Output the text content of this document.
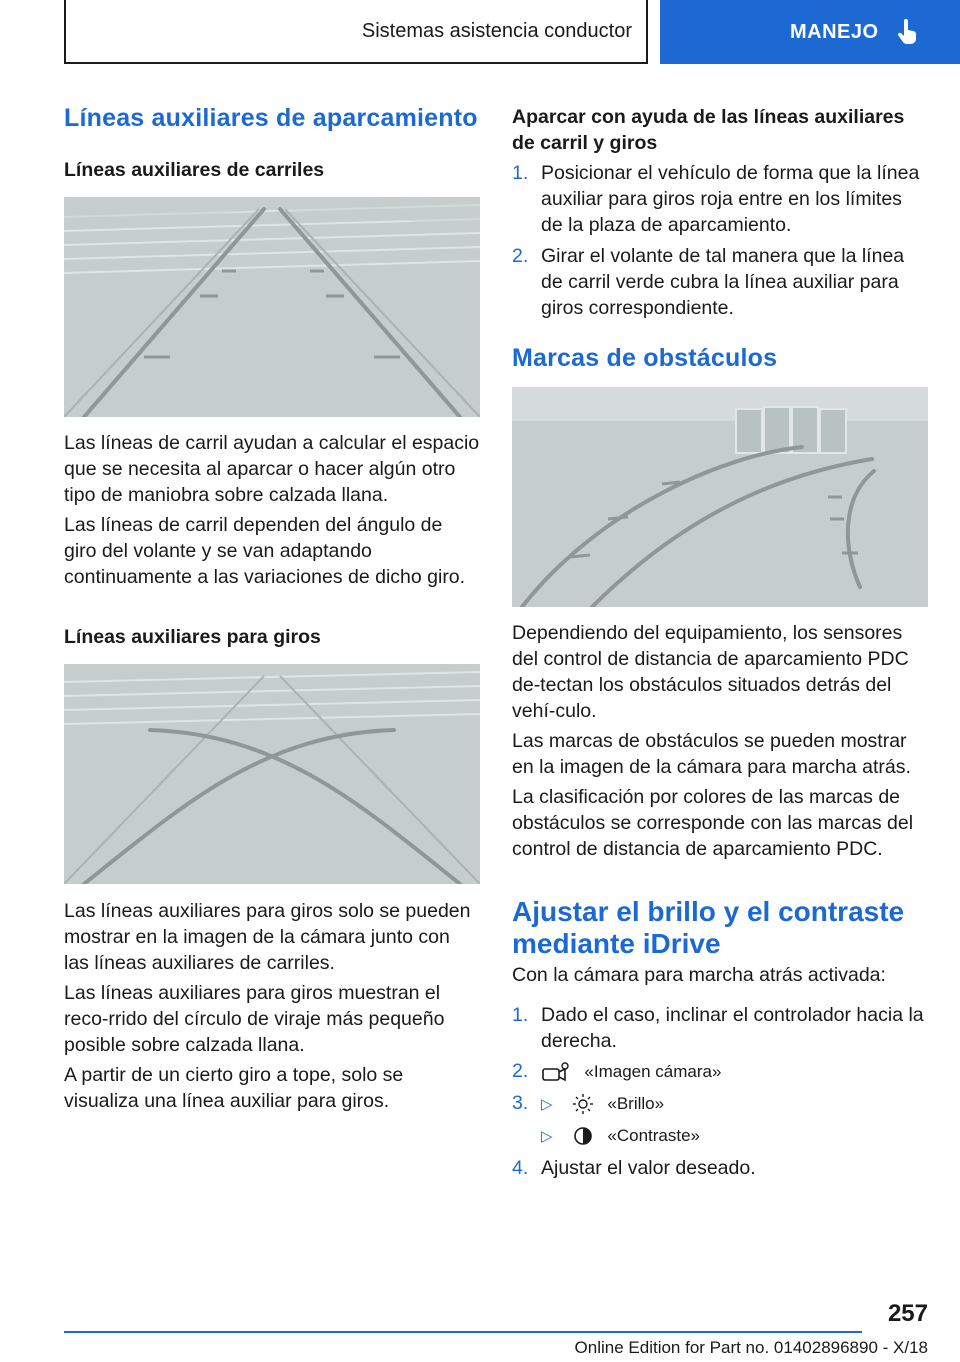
Sistemas asistencia conductor	MANEJO
Líneas auxiliares de aparcamiento
Líneas auxiliares de carriles

Las líneas de carril ayudan a calcular el espacio que se necesita al aparcar o hacer algún otro tipo de maniobra sobre calzada llana.

Las líneas de carril dependen del ángulo de giro del volante y se van adaptando continuamente a las variaciones de dicho giro.

Líneas auxiliares para giros

Las líneas auxiliares para giros solo se pueden mostrar en la imagen de la cámara junto con las líneas auxiliares de carriles.

Las líneas auxiliares para giros muestran el reco‐rrido del círculo de viraje más pequeño posible sobre calzada llana.

A partir de un cierto giro a tope, solo se visualiza una línea auxiliar para giros.

Aparcar con ayuda de las líneas auxiliares de carril y giros
1. Posicionar el vehículo de forma que la línea auxiliar para giros roja entre en los límites de la plaza de aparcamiento.
2. Girar el volante de tal manera que la línea de carril verde cubra la línea auxiliar para giros correspondiente.
Marcas de obstáculos

Dependiendo del equipamiento, los sensores del control de distancia de aparcamiento PDC de‐tectan los obstáculos situados detrás del vehí‐culo.

Las marcas de obstáculos se pueden mostrar en la imagen de la cámara para marcha atrás.

La clasificación por colores de las marcas de obstáculos se corresponde con las marcas del control de distancia de aparcamiento PDC.

Ajustar el brillo y el contraste mediante iDrive

Con la cámara para marcha atrás activada:

1. Dado el caso, inclinar el controlador hacia la derecha.
2.	«Imagen cámara»
3. ▷	«Brillo»
▷	«Contraste»
4. Ajustar el valor deseado.
257
Online Edition for Part no. 01402896890 - X/18
